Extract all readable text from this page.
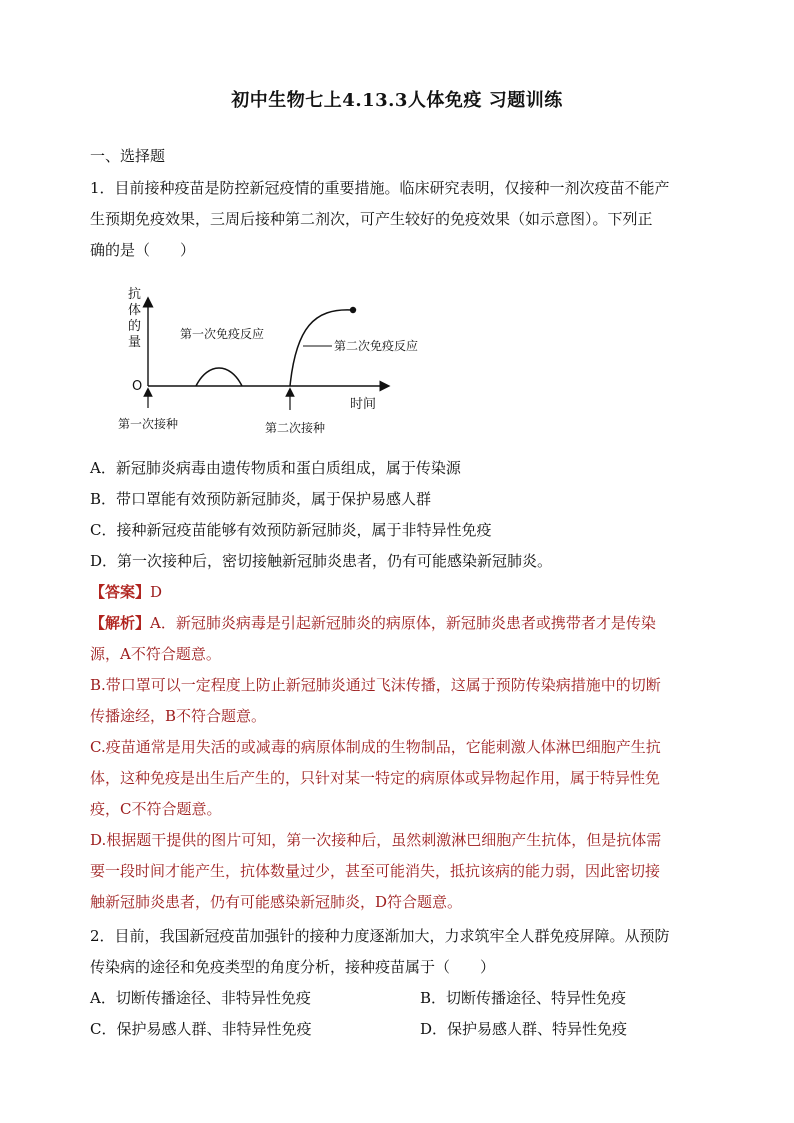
初中生物七上4.13.3人体免疫 习题训练
一、选择题
1．目前接种疫苗是防控新冠疫情的重要措施。临床研究表明，仅接种一剂次疫苗不能产
生预期免疫效果，三周后接种第二剂次，可产生较好的免疫效果（如示意图）。下列正
确的是（　　）
抗
体
的
量
O
时间
第一次免疫反应
第二次免疫反应
第一次接种	第二次接种
A．新冠肺炎病毒由遗传物质和蛋白质组成，属于传染源
B．带口罩能有效预防新冠肺炎，属于保护易感人群
C．接种新冠疫苗能够有效预防新冠肺炎，属于非特异性免疫
D．第一次接种后，密切接触新冠肺炎患者，仍有可能感染新冠肺炎。
【答案】D
【解析】A．新冠肺炎病毒是引起新冠肺炎的病原体，新冠肺炎患者或携带者才是传染
源，A不符合题意。
B.带口罩可以一定程度上防止新冠肺炎通过飞沫传播，这属于预防传染病措施中的切断
传播途经，B不符合题意。
C.疫苗通常是用失活的或减毒的病原体制成的生物制品，它能刺激人体淋巴细胞产生抗
体，这种免疫是出生后产生的，只针对某一特定的病原体或异物起作用，属于特异性免
疫，C不符合题意。
D.根据题干提供的图片可知，第一次接种后，虽然刺激淋巴细胞产生抗体，但是抗体需
要一段时间才能产生，抗体数量过少，甚至可能消失，抵抗该病的能力弱，因此密切接
触新冠肺炎患者，仍有可能感染新冠肺炎，D符合题意。
2．目前，我国新冠疫苗加强针的接种力度逐渐加大，力求筑牢全人群免疫屏障。从预防
传染病的途径和免疫类型的角度分析，接种疫苗属于（　　）
A．切断传播途径、非特异性免疫	B．切断传播途径、特异性免疫
C．保护易感人群、非特异性免疫	D．保护易感人群、特异性免疫
